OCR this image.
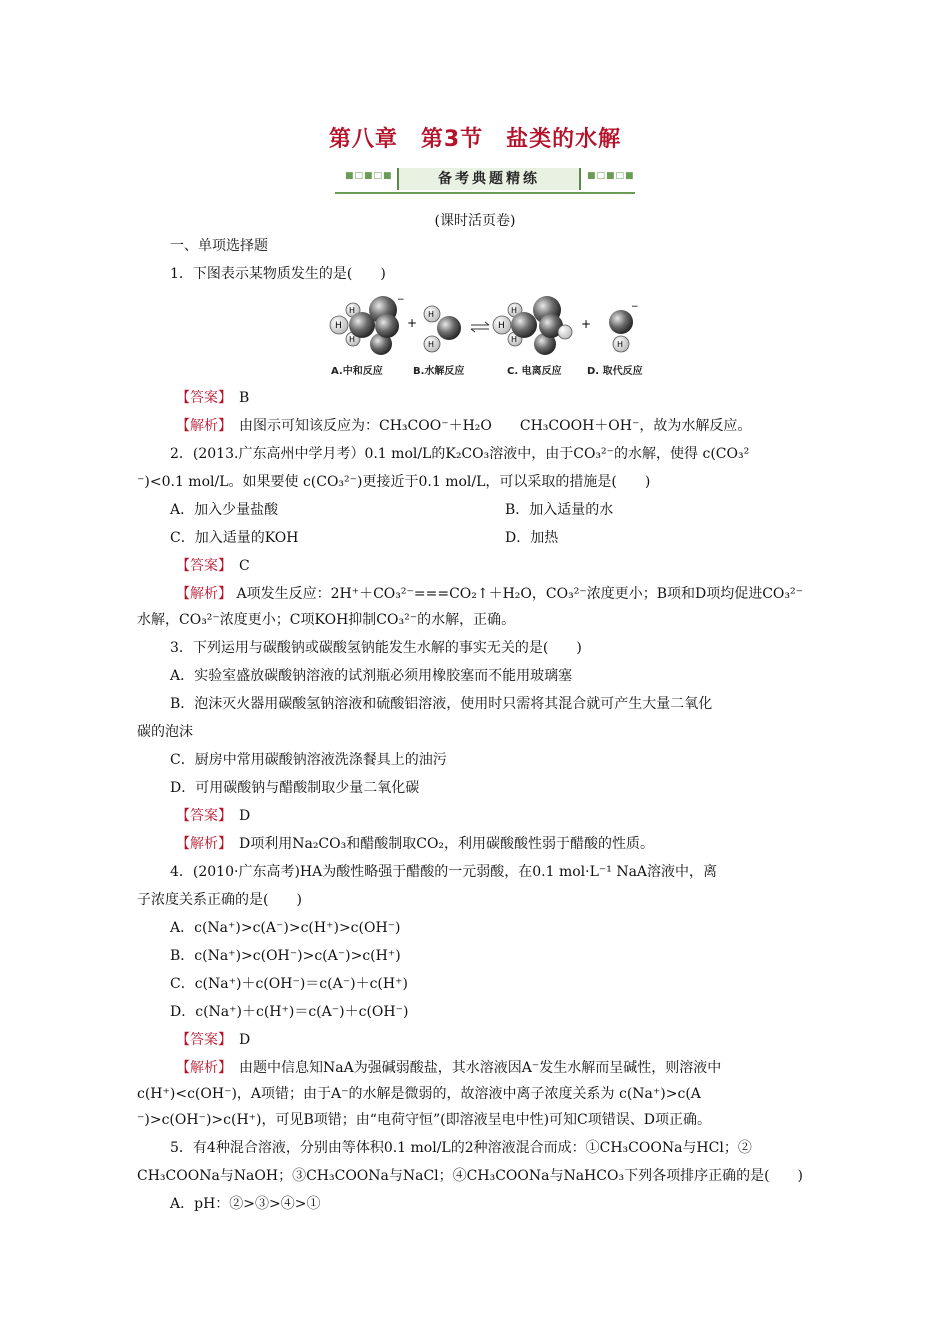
第八章　第3节　盐类的水解
■□■□■	备考典题精练	■□■□■
(课时活页卷)
一、单项选择题
1．下图表示某物质发生的是(　　)
H
H
H
−
+
H
H
H
H
H
+
H
−
A.中和反应	B.水解反应	C. 电离反应	D. 取代反应
【答案】　 B
【解析】　 由图示可知该反应为：CH₃COO⁻＋H₂O　　CH₃COOH＋OH⁻，故为水解反应。
2．(2013.广东高州中学月考）0.1 mol/L的K₂CO₃溶液中，由于CO₃²⁻的水解，使得 c(CO₃²
⁻)<0.1 mol/L。如果要使 c(CO₃²⁻)更接近于0.1 mol/L，可以采取的措施是(　　)
A．加入少量盐酸	B．加入适量的水
C．加入适量的KOH	D．加热
【答案】　 C
【解析】 A项发生反应：2H⁺＋CO₃²⁻===CO₂↑＋H₂O，CO₃²⁻浓度更小；B项和D项均促进CO₃²⁻
水解，CO₃²⁻浓度更小；C项KOH抑制CO₃²⁻的水解，正确。
3．下列运用与碳酸钠或碳酸氢钠能发生水解的事实无关的是(　　)
A．实验室盛放碳酸钠溶液的试剂瓶必须用橡胶塞而不能用玻璃塞
B．泡沫灭火器用碳酸氢钠溶液和硫酸铝溶液，使用时只需将其混合就可产生大量二氧化
碳的泡沫
C．厨房中常用碳酸钠溶液洗涤餐具上的油污
D．可用碳酸钠与醋酸制取少量二氧化碳
【答案】　 D
【解析】　 D项利用Na₂CO₃和醋酸制取CO₂，利用碳酸酸性弱于醋酸的性质。
4．(2010·广东高考)HA为酸性略强于醋酸的一元弱酸，在0.1 mol·L⁻¹ NaA溶液中，离
子浓度关系正确的是(　　)
A．c(Na⁺)>c(A⁻)>c(H⁺)>c(OH⁻)
B．c(Na⁺)>c(OH⁻)>c(A⁻)>c(H⁺)
C．c(Na⁺)＋c(OH⁻)＝c(A⁻)＋c(H⁺)
D．c(Na⁺)＋c(H⁺)＝c(A⁻)＋c(OH⁻)
【答案】　 D
【解析】　 由题中信息知NaA为强碱弱酸盐，其水溶液因A⁻发生水解而呈碱性，则溶液中
c(H⁺)<c(OH⁻)，A项错；由于A⁻的水解是微弱的，故溶液中离子浓度关系为 c(Na⁺)>c(A
⁻)>c(OH⁻)>c(H⁺)，可见B项错；由“电荷守恒”(即溶液呈电中性)可知C项错误、D项正确。
5．有4种混合溶液，分别由等体积0.1 mol/L的2种溶液混合而成：①CH₃COONa与HCl；②
CH₃COONa与NaOH；③CH₃COONa与NaCl；④CH₃COONa与NaHCO₃下列各项排序正确的是(　　)
A．pH：②>③>④>①
